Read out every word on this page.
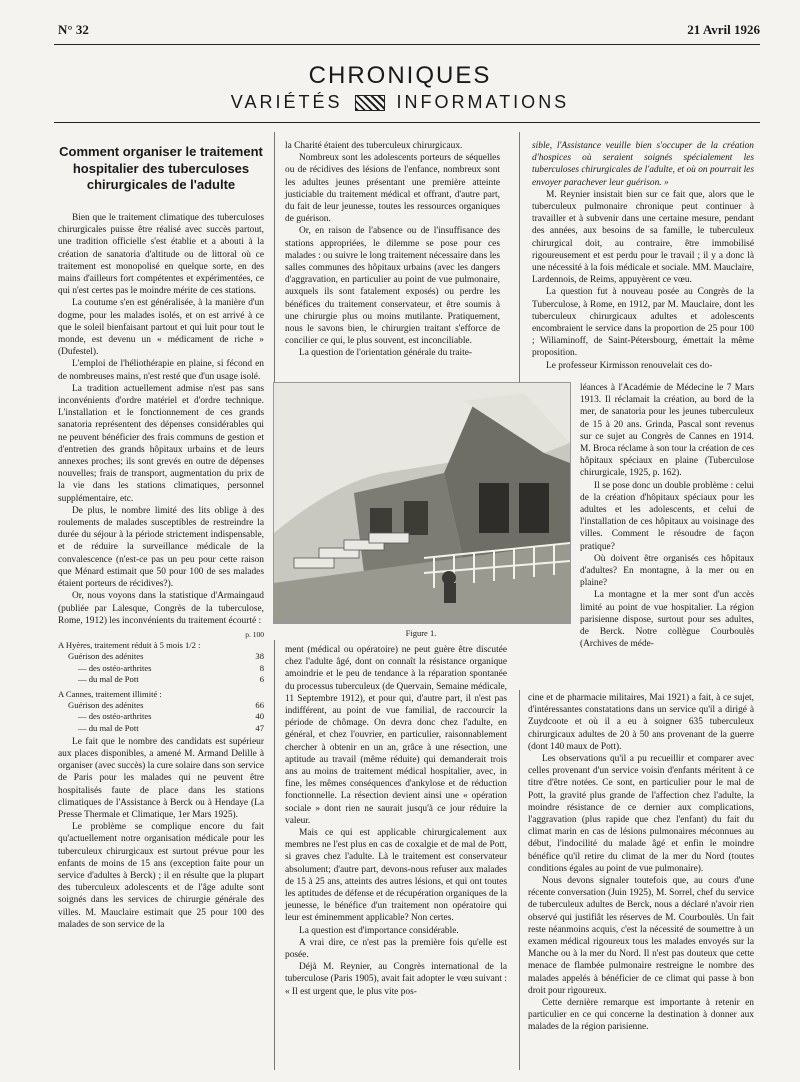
N° 32	21 Avril 1926
CHRONIQUES
VARIÉTÉS	INFORMATIONS
Comment organiser le traitement hospitalier des tuberculoses chirurgicales de l'adulte

Bien que le traitement climatique des tuberculoses chirurgicales puisse être réalisé avec succès partout, une tradition officielle s'est établie et a abouti à la création de sanatoria d'altitude ou de littoral où ce traitement est monopolisé en quelque sorte, en des mains d'ailleurs fort compétentes et expérimentées, ce qui n'est certes pas le moindre mérite de ces stations.

La coutume s'en est généralisée, à la manière d'un dogme, pour les malades isolés, et on est arrivé à ce que le soleil bienfaisant partout et qui luit pour tout le monde, est devenu un « médicament de riche » (Dufestel).

L'emploi de l'héliothérapie en plaine, si fécond en de nombreuses mains, n'est resté que d'un usage isolé.

La tradition actuellement admise n'est pas sans inconvénients d'ordre matériel et d'ordre technique. L'installation et le fonctionnement de ces grands sanatoria représentent des dépenses considérables qui ne peuvent bénéficier des frais communs de gestion et d'entretien des grands hôpitaux urbains et de leurs annexes proches; ils sont grevés en outre de dépenses nouvelles; frais de transport, augmentation du prix de la vie dans les stations climatiques, personnel supplémentaire, etc.

De plus, le nombre limité des lits oblige à des roulements de malades susceptibles de restreindre la durée du séjour à la période strictement indispensable, et de réduire la surveillance médicale de la convalescence (n'est-ce pas un peu pour cette raison que Ménard estimait que 50 pour 100 de ses malades étaient porteurs de récidives?).

Or, nous voyons dans la statistique d'Armaingaud (publiée par Lalesque, Congrès de la tuberculose, Rome, 1912) les inconvénients du traitement écourté :

p. 100
A Hyères, traitement réduit à 5 mois 1/2 :
Guérison des adénites	38
— des ostéo-arthrites	8
— du mal de Pott	6
A Cannes, traitement illimité :
Guérison des adénites	66
— des ostéo-arthrites	40
— du mal de Pott	47

Le fait que le nombre des candidats est supérieur aux places disponibles, a amené M. Armand Delille à organiser (avec succès) la cure solaire dans son service de Paris pour les malades qui ne peuvent être hospitalisés faute de place dans les stations climatiques de l'Assistance à Berck ou à Hendaye (La Presse Thermale et Climatique, 1er Mars 1925).

Le problème se complique encore du fait qu'actuellement notre organisation médicale pour les tuberculeux chirurgicaux est surtout prévue pour les enfants de moins de 15 ans (exception faite pour un service d'adultes à Berck) ; il en résulte que la plupart des tuberculeux adolescents et de l'âge adulte sont soignés dans les services de chirurgie générale des villes. M. Mauclaire estimait que 25 pour 100 des malades de son service de la

la Charité étaient des tuberculeux chirurgicaux.

Nombreux sont les adolescents porteurs de séquelles ou de récidives des lésions de l'enfance, nombreux sont les adultes jeunes présentant une première atteinte justiciable du traitement médical et offrant, d'autre part, du fait de leur jeunesse, toutes les ressources organiques de guérison.

Or, en raison de l'absence ou de l'insuffisance des stations appropriées, le dilemme se pose pour ces malades : ou suivre le long traitement nécessaire dans les salles communes des hôpitaux urbains (avec les dangers d'aggravation, en particulier au point de vue pulmonaire, auxquels ils sont fatalement exposés) ou perdre les bénéfices du traitement conservateur, et être soumis à une chirurgie plus ou moins mutilante. Pratiquement, nous le savons bien, le chirurgien traitant s'efforce de concilier ce qui, le plus souvent, est inconciliable.

La question de l'orientation générale du traite-

sible, l'Assistance veuille bien s'occuper de la création d'hospices où seraient soignés spécialement les tuberculoses chirurgicales de l'adulte, et où on pourrait les envoyer parachever leur guérison. »

M. Reynier insistait bien sur ce fait que, alors que le tuberculeux pulmonaire chronique peut continuer à travailler et à subvenir dans une certaine mesure, pendant des années, aux besoins de sa famille, le tuberculeux chirurgical doit, au contraire, être immobilisé rigoureusement et est perdu pour le travail ; il y a donc là une nécessité à la fois médicale et sociale. MM. Mauclaire, Lardennois, de Reims, appuyèrent ce vœu.

La question fut à nouveau posée au Congrès de la Tuberculose, à Rome, en 1912, par M. Mauclaire, dont les tuberculeux chirurgicaux adultes et adolescents encombraient le service dans la proportion de 25 pour 100 ; Wiliaminoff, de Saint-Pétersbourg, émettait la même proposition.

Le professeur Kirmisson renouvelait ces do-

Figure 1.

léances à l'Académie de Médecine le 7 Mars 1913. Il réclamait la création, au bord de la mer, de sanatoria pour les jeunes tuberculeux de 15 à 20 ans. Grinda, Pascal sont revenus sur ce sujet au Congrès de Cannes en 1914. M. Broca réclame à son tour la création de ces hôpitaux spéciaux en plaine (Tuberculose chirurgicale, 1925, p. 162).

Il se pose donc un double problème : celui de la création d'hôpitaux spéciaux pour les adultes et les adolescents, et celui de l'installation de ces hôpitaux au voisinage des villes. Comment le résoudre de façon pratique?

Où doivent être organisés ces hôpitaux d'adultes? En montagne, à la mer ou en plaine?

La montagne et la mer sont d'un accès limité au point de vue hospitalier. La région parisienne dispose, surtout pour ses adultes, de Berck. Notre collègue Courboulès (Archives de méde-

ment (médical ou opératoire) ne peut guère être discutée chez l'adulte âgé, dont on connaît la résistance organique amoindrie et le peu de tendance à la réparation spontanée du processus tuberculeux (de Quervain, Semaine médicale, 11 Septembre 1912), et pour qui, d'autre part, il n'est pas indifférent, au point de vue familial, de raccourcir la période de chômage. On devra donc chez l'adulte, en général, et chez l'ouvrier, en particulier, raisonnablement chercher à obtenir en un an, grâce à une résection, une aptitude au travail (même réduite) qui demanderait trois ans au moins de traitement médical hospitalier, avec, in fine, les mêmes conséquences d'ankylose et de réduction fonctionnelle. La résection devient ainsi une « opération sociale » dont rien ne saurait jusqu'à ce jour réduire la valeur.

Mais ce qui est applicable chirurgicalement aux membres ne l'est plus en cas de coxalgie et de mal de Pott, si graves chez l'adulte. Là le traitement est conservateur absolument; d'autre part, devons-nous refuser aux malades de 15 à 25 ans, atteints des autres lésions, et qui ont toutes les aptitudes de défense et de récupération organiques de la jeunesse, le bénéfice d'un traitement non opératoire qui leur est éminemment applicable? Non certes.

La question est d'importance considérable.

A vrai dire, ce n'est pas la première fois qu'elle est posée.

Déjà M. Reynier, au Congrès international de la tuberculose (Paris 1905), avait fait adopter le vœu suivant : « Il est urgent que, le plus vite pos-

cine et de pharmacie militaires, Mai 1921) a fait, à ce sujet, d'intéressantes constatations dans un service qu'il a dirigé à Zuydcoote et où il a eu à soigner 635 tuberculeux chirurgicaux adultes de 20 à 50 ans provenant de la guerre (dont 140 maux de Pott).

Les observations qu'il a pu recueillir et comparer avec celles provenant d'un service voisin d'enfants méritent à ce titre d'être notées. Ce sont, en particulier pour le mal de Pott, la gravité plus grande de l'affection chez l'adulte, la moindre résistance de ce dernier aux complications, l'aggravation (plus rapide que chez l'enfant) du fait du climat marin en cas de lésions pulmonaires méconnues au début, l'indocilité du malade âgé et enfin le moindre bénéfice qu'il retire du climat de la mer du Nord (toutes conditions égales au point de vue pulmonaire).

Nous devons signaler toutefois que, au cours d'une récente conversation (Juin 1925), M. Sorrel, chef du service de tuberculeux adultes de Berck, nous a déclaré n'avoir rien observé qui justifiât les réserves de M. Courboulès. Un fait reste néanmoins acquis, c'est la nécessité de soumettre à un examen médical rigoureux tous les malades envoyés sur la Manche ou à la mer du Nord. Il n'est pas douteux que cette menace de flambée pulmonaire restreigne le nombre des malades appelés à bénéficier de ce climat qui passe à bon droit pour rigoureux.

Cette dernière remarque est importante à retenir en particulier en ce qui concerne la destination à donner aux malades de la région parisienne.
